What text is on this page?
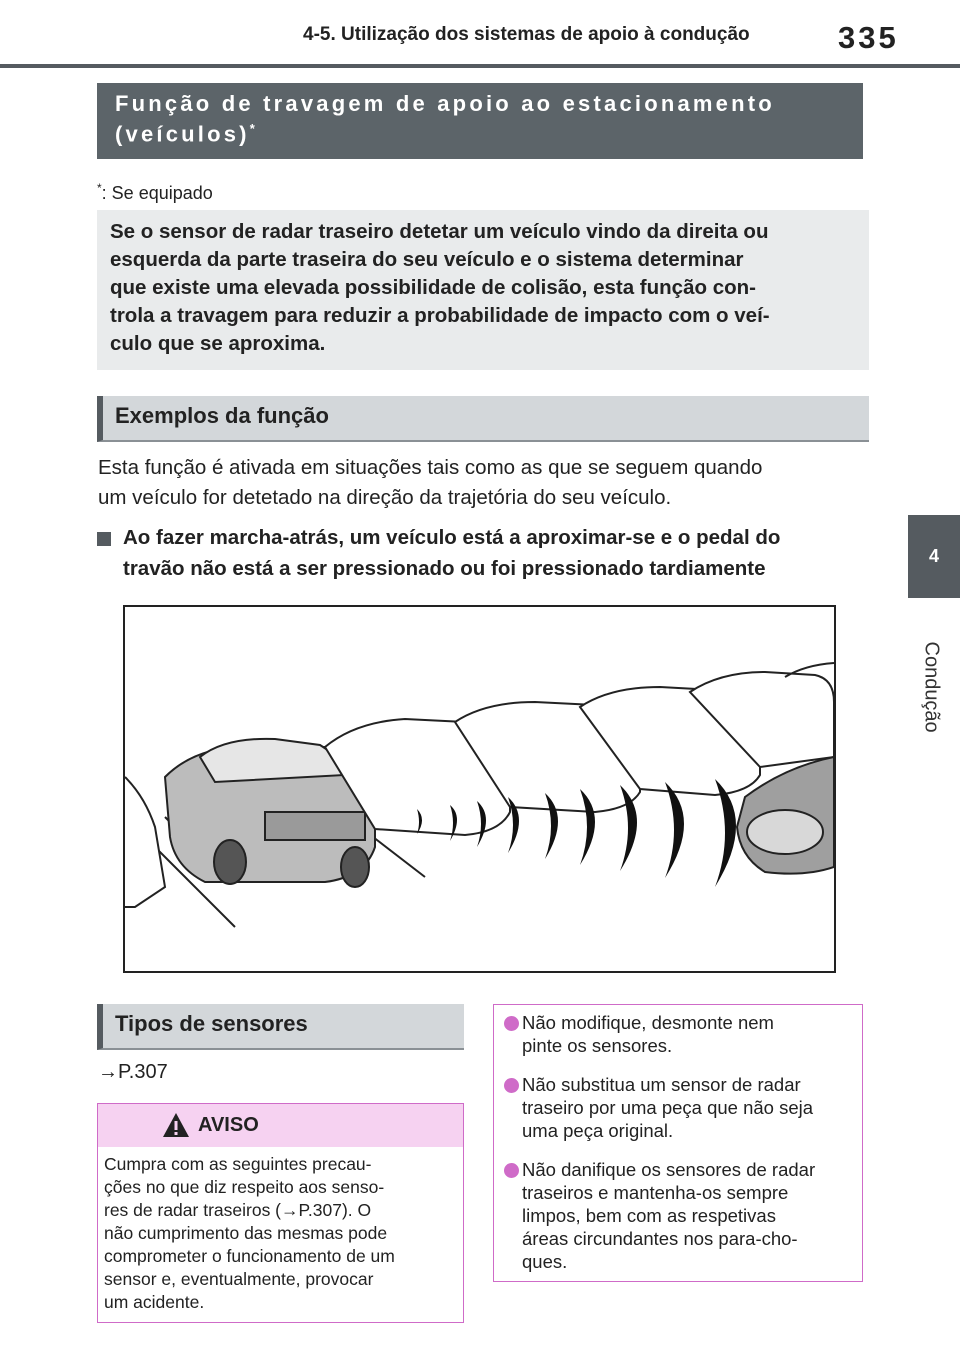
4-5. Utilização dos sistemas de apoio à condução	335
4
Condução
Função de travagem de apoio ao estacionamento
(veículos)*
*: Se equipado
Se o sensor de radar traseiro detetar um veículo vindo da direita ou
esquerda da parte traseira do seu veículo e o sistema determinar
que existe uma elevada possibilidade de colisão, esta função con-
trola a travagem para reduzir a probabilidade de impacto com o veí-
culo que se aproxima.
Exemplos da função
Esta função é ativada em situações tais como as que se seguem quando
um veículo for detetado na direção da trajetória do seu veículo.
Ao fazer marcha-atrás, um veículo está a aproximar-se e o pedal do
travão não está a ser pressionado ou foi pressionado tardiamente
Tipos de sensores
→P.307
AVISO
Cumpra com as seguintes precau-
ções no que diz respeito aos senso-
res de radar traseiros (→P.307). O
não cumprimento das mesmas pode
comprometer o funcionamento de um
sensor e, eventualmente, provocar
um acidente.
Não modifique, desmonte nem
pinte os sensores.
Não substitua um sensor de radar
traseiro por uma peça que não seja
uma peça original.
Não danifique os sensores de radar
traseiros e mantenha-os sempre
limpos, bem com as respetivas
áreas circundantes nos para-cho-
ques.
